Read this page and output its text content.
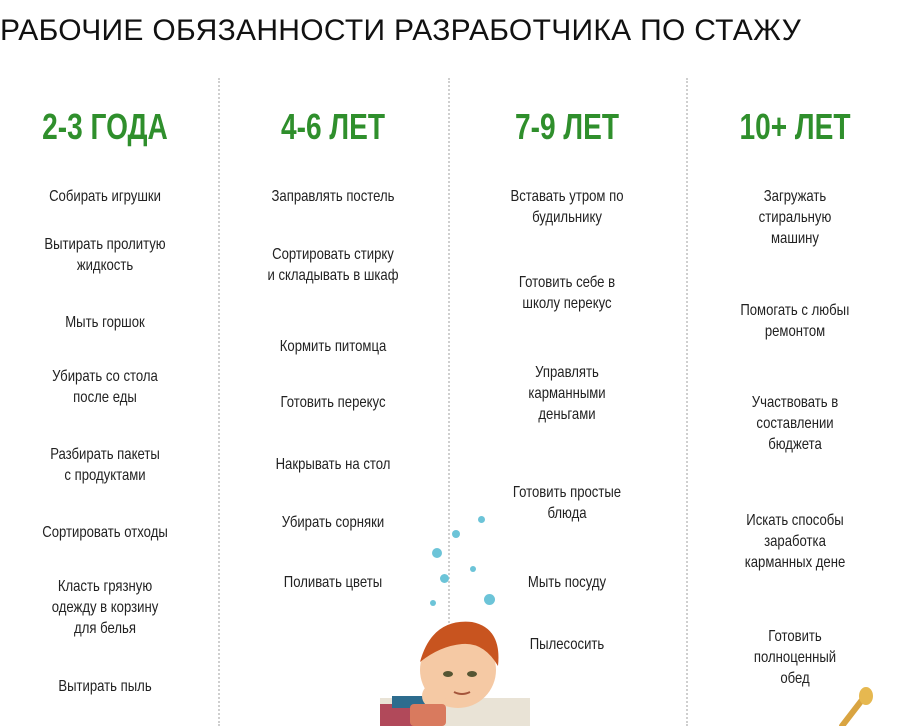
РАБОЧИЕ ОБЯЗАННОСТИ РАЗРАБОТЧИКА ПО СТАЖУ
2-3 ГОДА
Собирать игрушки
Вытирать пролитую
жидкость
Мыть горшок
Убирать со стола
после еды
Разбирать пакеты
с продуктами
Сортировать отходы
Класть грязную
одежду в корзину
для белья
Вытирать пыль
4-6 ЛЕТ
Заправлять постель
Сортировать стирку
и складывать в шкаф
Кормить питомца
Готовить перекус
Накрывать на стол
Убирать сорняки
Поливать цветы
7-9 ЛЕТ
Вставать утром по
будильнику
Готовить себе в
школу перекус
Управлять
карманными
деньгами
Готовить простые
блюда
Мыть посуду
Пылесосить
10+ ЛЕТ
Загружать
стиральную
машину
Помогать с любыı
ремонтом
Участвовать в
составлении
бюджета
Искать способы
заработка
карманных дене
Готовить
полноценный
обед
